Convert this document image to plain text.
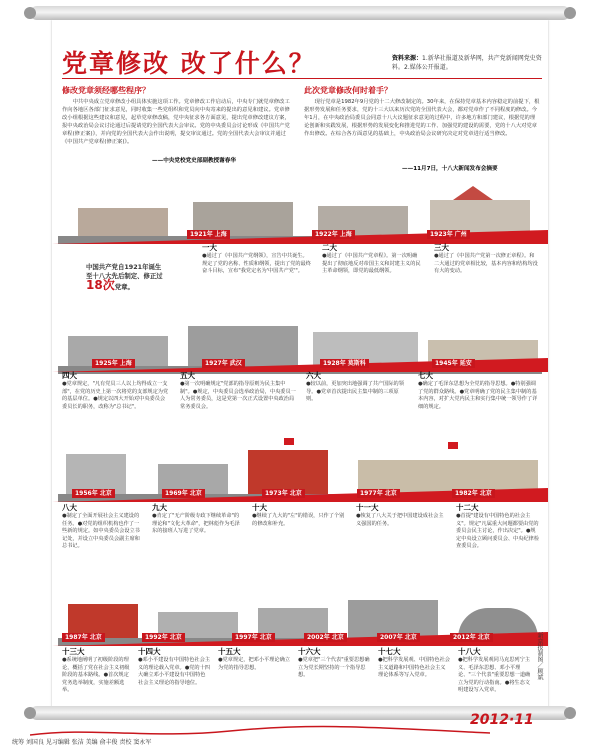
党章修改 改了什么？	资料来源：1.新华社报道及新华网，共产党新闻网党史资料。2.媒体公开报道。
修改党章须经哪些程序？
中共中央成立党章修改小组具体实施这项工作。党章修改工作启动后，中央专门就党章修改工作向各地区各部门征求意见，同时收集一些党组织和党员向中央寄来的提出的意见和建议。党章修改小组根据这些建议和意见，起草党章修改稿，党中央征求各方面意见，提出党章修改建议方案，报中央政治局会议讨论通过后提请党的全国代表大会审议。党的中央委员会讨论形成《中国共产党章程(修正案)》，并向党的全国代表大会作出说明，提交审议通过。党的全国代表大会审议并通过《中国共产党章程(修正案)》。
——中央党校党史部副教授谢春华
此次党章修改何时着手？
现行党章是1982年9月党的十二大修改制定的。30年来，在保持党章基本内容稳定的前提下，根据形势发展和任务要求，党的十三大以来历次党的全国代表大会，都对党章作了不同程度的修改。今年1月，在中央政治局委员会同意十八大议题征求意见的过程中，许多地方和部门建议，根据党的理论创新和实践发展，根据形势的发展变化和推进党的工作、加强党的建设的需要，党的十八大对党章作出修改。在综合各方面意见的基础上，中央政治局会议研究决定对党章进行适当修改。
——11月7日，十八大新闻发布会摘要
1921年 上海	1922年 上海	1923年 广州
中国共产党自1921年诞生至十八大先后制定、修正过18次党章。
一大
●通过了《中国共产党纲领》，宣告中共诞生。规定了党的名称、性质和纲领，提出了党的最终奋斗目标，宣布"我党定名为'中国共产党'"。
二大
●通过了《中国共产党章程》。第一次明确提出了彻底地反对帝国主义和封建主义的民主革命纲领，即党的最低纲领。
三大
●通过了《中国共产党第一次修正章程》。和二大通过的党章相比较，基本内容和结构均没有大的变动。
1925年 上海	1927年 武汉	1928年 莫斯科	1945年 延安
四大
●党章规定，"凡有党员三人以上均得成立一支部"，在党的历史上第一次将党的支部规定为党的基层单位。●规定以四大开始对中央委员会委员长的职务，改称为"总书记"。
五大
●第一次明确规定"党部的指导原则为民主集中制"。●规定，中央委员会选举政治局，中央委员一人为常务委员，这是党第一次正式设置中央政治局常务委员会。
六大
●较以前，更加突出地强调了共产国际的领导。●党章首次提出民主集中制的三项原则。
七大
●确定了毛泽东思想为全党的指导思想。●特别强调了党的群众路线。●党章明确了党的民主集中制的基本内容，对扩大党内民主和实行集中统一领导作了详细的规定。
1956年 北京	1969年 北京	1973年 北京	1977年 北京	1982年 北京
八大
●制定了全面开展社会主义建设的任务。●对党的组织机构也作了一些新的规定。如中央委员会设立书记处，并设立中央委员会副主席和总书记。
九大
●肯定了"无产阶级专政下继续革命"的理论和"文化大革命"，把林彪作为毛泽东的接班人写进了党章。
十大
●继续了九大的"左"的错误，只作了个别的修改和补充。
十一大
●恢复了八大关于把中国建设成社会主义强国的任务。
十二大
●首提"建设有中国特色的社会主义"。规定"凡属重大问题都要由党的委员会民主讨论，作出决定"。●规定中央设立顾问委员会、中央纪律检查委员会。
1987年 北京	1992年 北京	1997年 北京	2002年 北京	2007年 北京	2012年 北京
十三大
●系统地阐明了初级阶段的理论，概括了党在社会主义初级阶段的基本路线。●首次规定党务选举制度，实施差额选举。
十四大
●邓小平建设有中国特色社会主义的理论载入党章。●党的十四大确立邓小平建设有中国特色社会主义理论的指导地位。
十五大
●党章规定，把邓小平理论确立为党的指导思想。
十六大
●党章把"三个代表"重要思想确立为党长期坚持的一个指导思想。
十七大
●把科学发展观、中国特色社会主义道路和中国特色社会主义理论体系等写入党章。
十八大
●把科学发展观同马克思列宁主义、毛泽东思想、邓小平理论、"三个代表"重要思想一道确立为党的行动指南。●将生态文明建设写入党章。
新京报制图／顾斌
2012·11
统筹 刘国良 见习编辑 张洁 美编 俞丰俊 责校 窦永军
